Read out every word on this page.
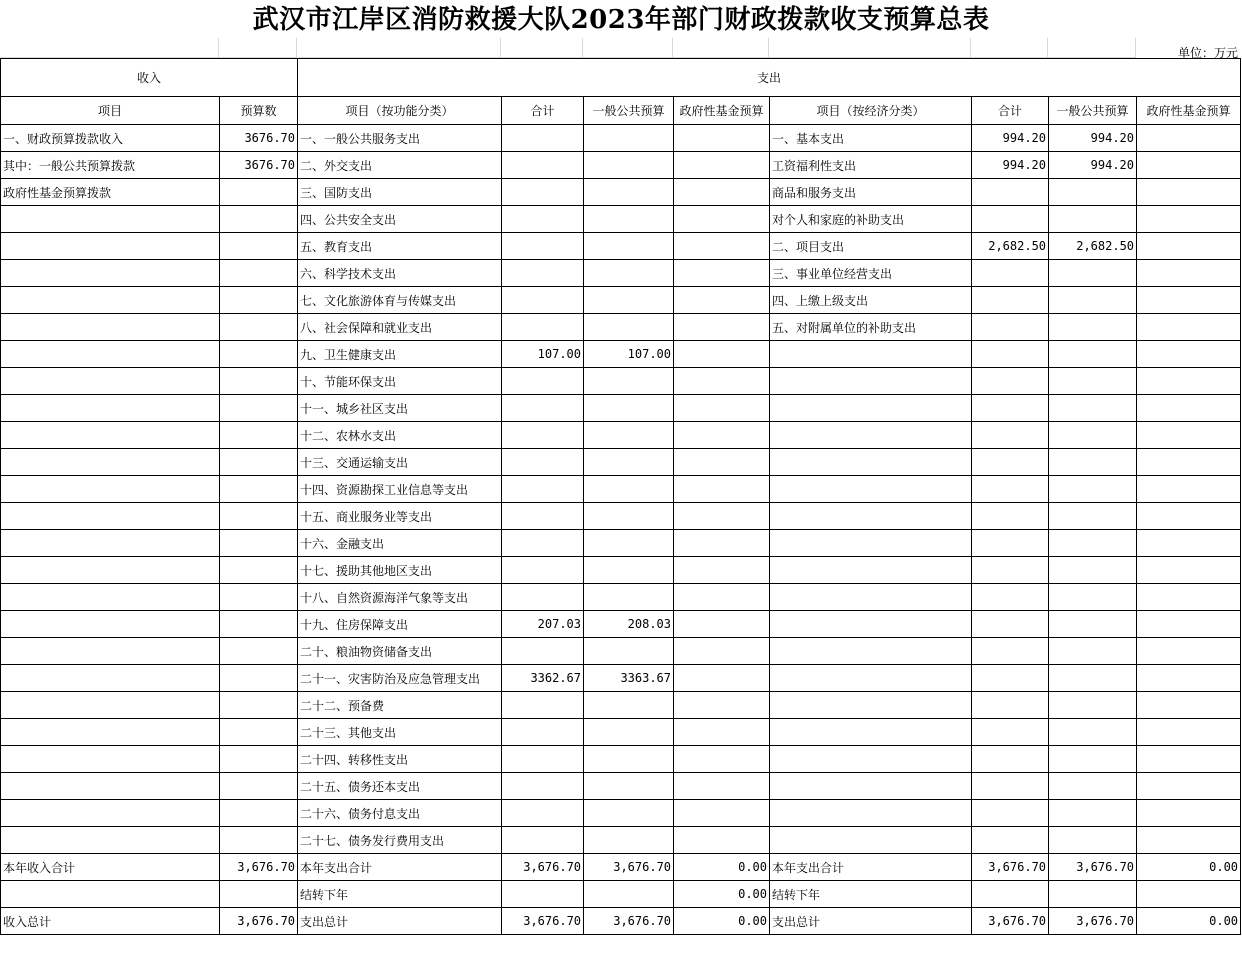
武汉市江岸区消防救援大队2023年部门财政拨款收支预算总表
单位：万元
收入		支出							
项目	预算数	项目（按功能分类）	合计	一般公共预算	政府性基金预算	项目（按经济分类）	合计	一般公共预算	政府性基金预算
一、财政预算拨款收入	3676.70	一、一般公共服务支出				一、基本支出	994.20	994.20	
其中：一般公共预算拨款	3676.70	二、外交支出				工资福利性支出	994.20	994.20	
政府性基金预算拨款		三、国防支出				商品和服务支出			
		四、公共安全支出				对个人和家庭的补助支出			
		五、教育支出				二、项目支出	2,682.50	2,682.50	
		六、科学技术支出				三、事业单位经营支出			
		七、文化旅游体育与传媒支出				四、上缴上级支出			
		八、社会保障和就业支出				五、对附属单位的补助支出			
		九、卫生健康支出	107.00	107.00					
		十、节能环保支出							
		十一、城乡社区支出							
		十二、农林水支出							
		十三、交通运输支出							
		十四、资源勘探工业信息等支出							
		十五、商业服务业等支出							
		十六、金融支出							
		十七、援助其他地区支出							
		十八、自然资源海洋气象等支出							
		十九、住房保障支出	207.03	208.03					
		二十、粮油物资储备支出							
		二十一、灾害防治及应急管理支出	3362.67	3363.67					
		二十二、预备费							
		二十三、其他支出							
		二十四、转移性支出							
		二十五、债务还本支出							
		二十六、债务付息支出							
		二十七、债务发行费用支出							
本年收入合计	3,676.70	本年支出合计	3,676.70	3,676.70	0.00	本年支出合计	3,676.70	3,676.70	0.00
		结转下年			0.00	结转下年			
收入总计	3,676.70	支出总计	3,676.70	3,676.70	0.00	支出总计	3,676.70	3,676.70	0.00
